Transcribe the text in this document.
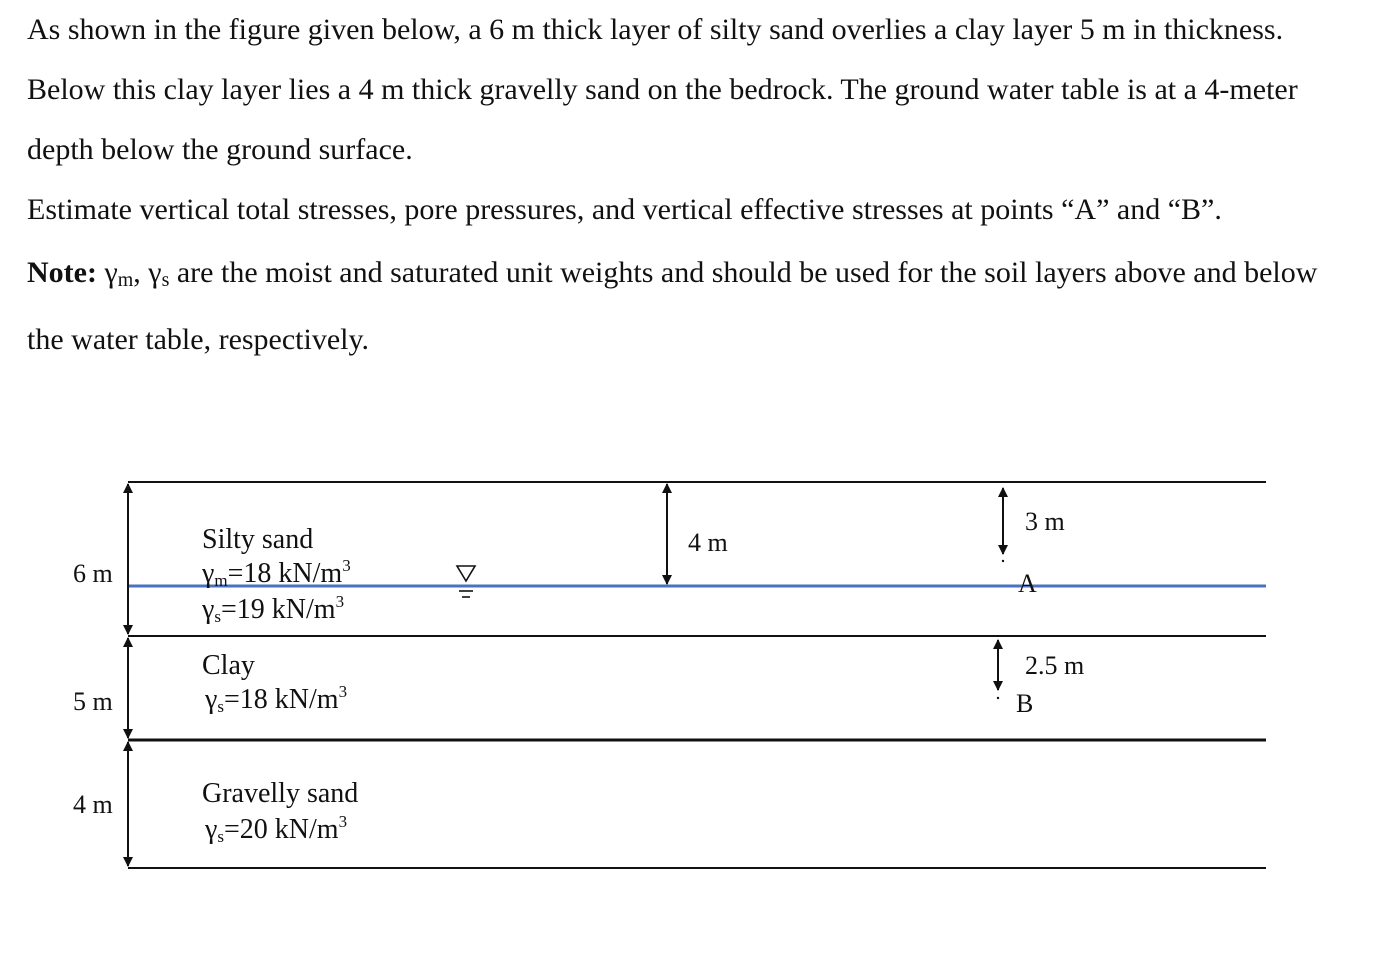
As shown in the figure given below, a 6 m thick layer of silty sand overlies a clay layer 5 m in thickness. Below this clay layer lies a 4 m thick gravelly sand on the bedrock. The ground water table is at a 4-meter depth below the ground surface.

Estimate vertical total stresses, pore pressures, and vertical effective stresses at points “A” and “B”.

Note: $\gamma_m$, $\gamma_s$ are the moist and saturated unit weights and should be used for the soil layers above and below the water table, respectively.

6 m
5 m
4 m
Silty sand
γm=18 $kN/m^3$
γs=19 $kN/m^3$
Clay
γs=18 $kN/m^3$
Gravelly sand
γs=20 $kN/m^3$
4 m
3 m
A
2.5 m
B
